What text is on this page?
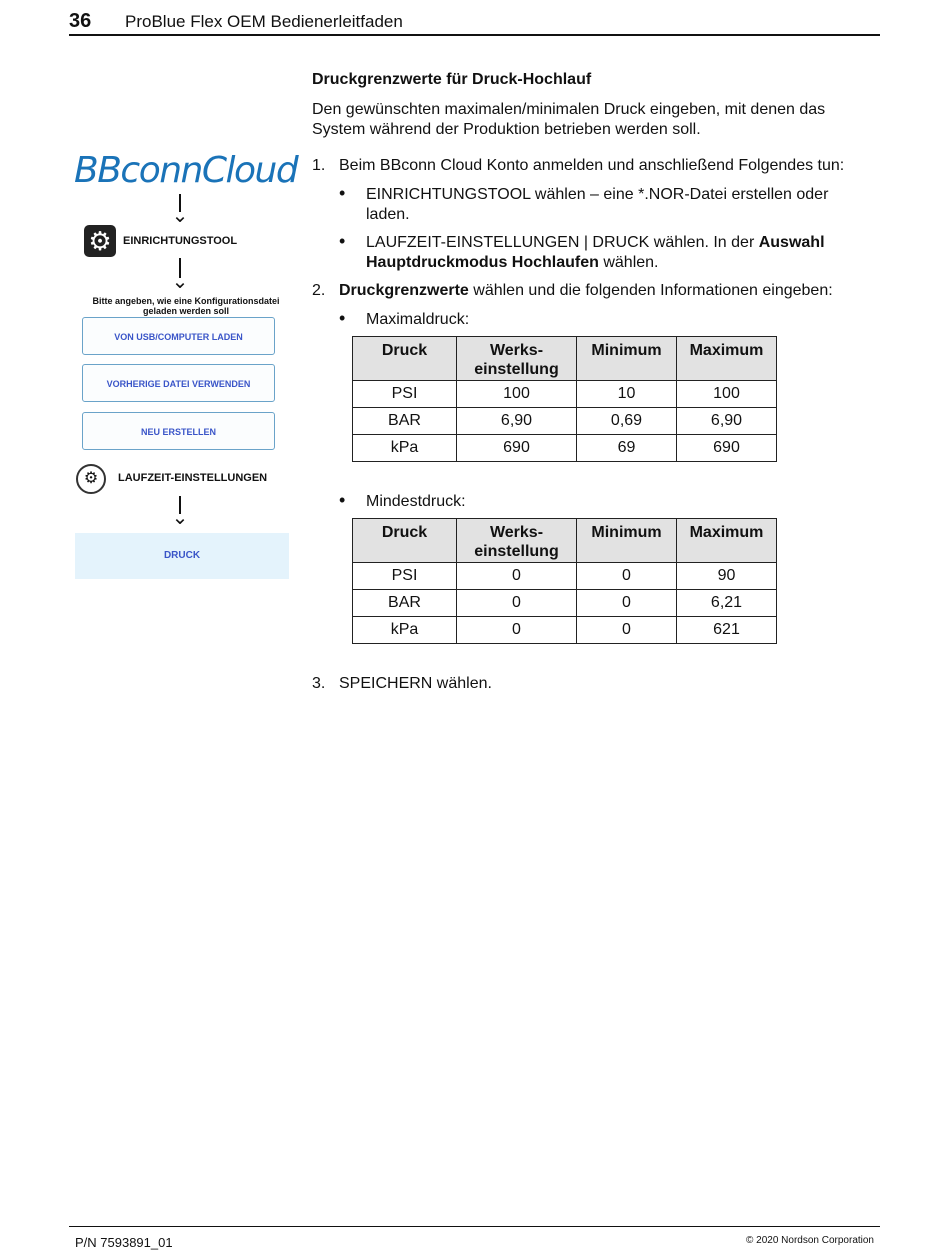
36 ProBlue Flex OEM Bedienerleitfaden
BBconnCloud
⌄
⚙	EINRICHTUNGSTOOL
⌄
Bitte angeben, wie eine Konfigurationsdatei
geladen werden soll
VON USB/COMPUTER LADEN
VORHERIGE DATEI VERWENDEN
NEU ERSTELLEN
⚙	LAUFZEIT-EINSTELLUNGEN
⌄
DRUCK
Druckgrenzwerte für Druck-Hochlauf
Den gewünschten maximalen/minimalen Druck eingeben, mit denen das
System während der Produktion betrieben werden soll.
1. Beim BBconn Cloud Konto anmelden und anschließend Folgendes tun:
• EINRICHTUNGSTOOL wählen – eine *.NOR-Datei erstellen oder
laden.
• LAUFZEIT-EINSTELLUNGEN | DRUCK wählen. In der Auswahl
Hauptdruckmodus Hochlaufen wählen.
2. Druckgrenzwerte wählen und die folgenden Informationen eingeben:
• Maximaldruck:
Druck	Werks-
einstellung	Minimum	Maximum
PSI	100	10	100
BAR	6,90	0,69	6,90
kPa	690	69	690
• Mindestdruck:
Druck	Werks-
einstellung	Minimum	Maximum
PSI	0	0	90
BAR	0	0	6,21
kPa	0	0	621
3. SPEICHERN wählen.
P/N 7593891_01	© 2020 Nordson Corporation
